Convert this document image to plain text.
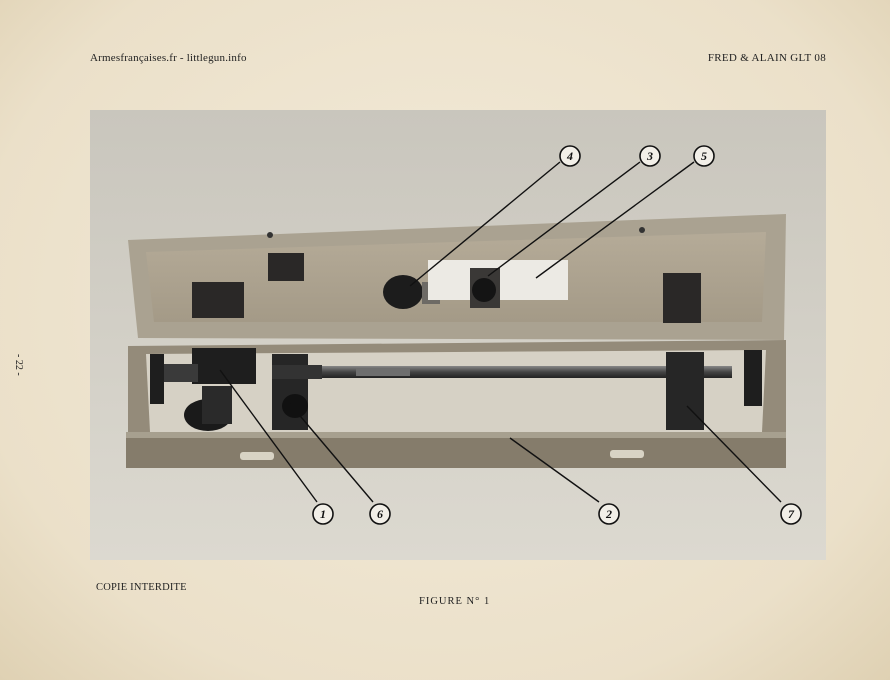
Armesfrançaises.fr - littlegun.info	FRED & ALAIN GLT 08
- 22 -
4	3	5
1	6	2	7
COPIE INTERDITE
FIGURE N° 1
